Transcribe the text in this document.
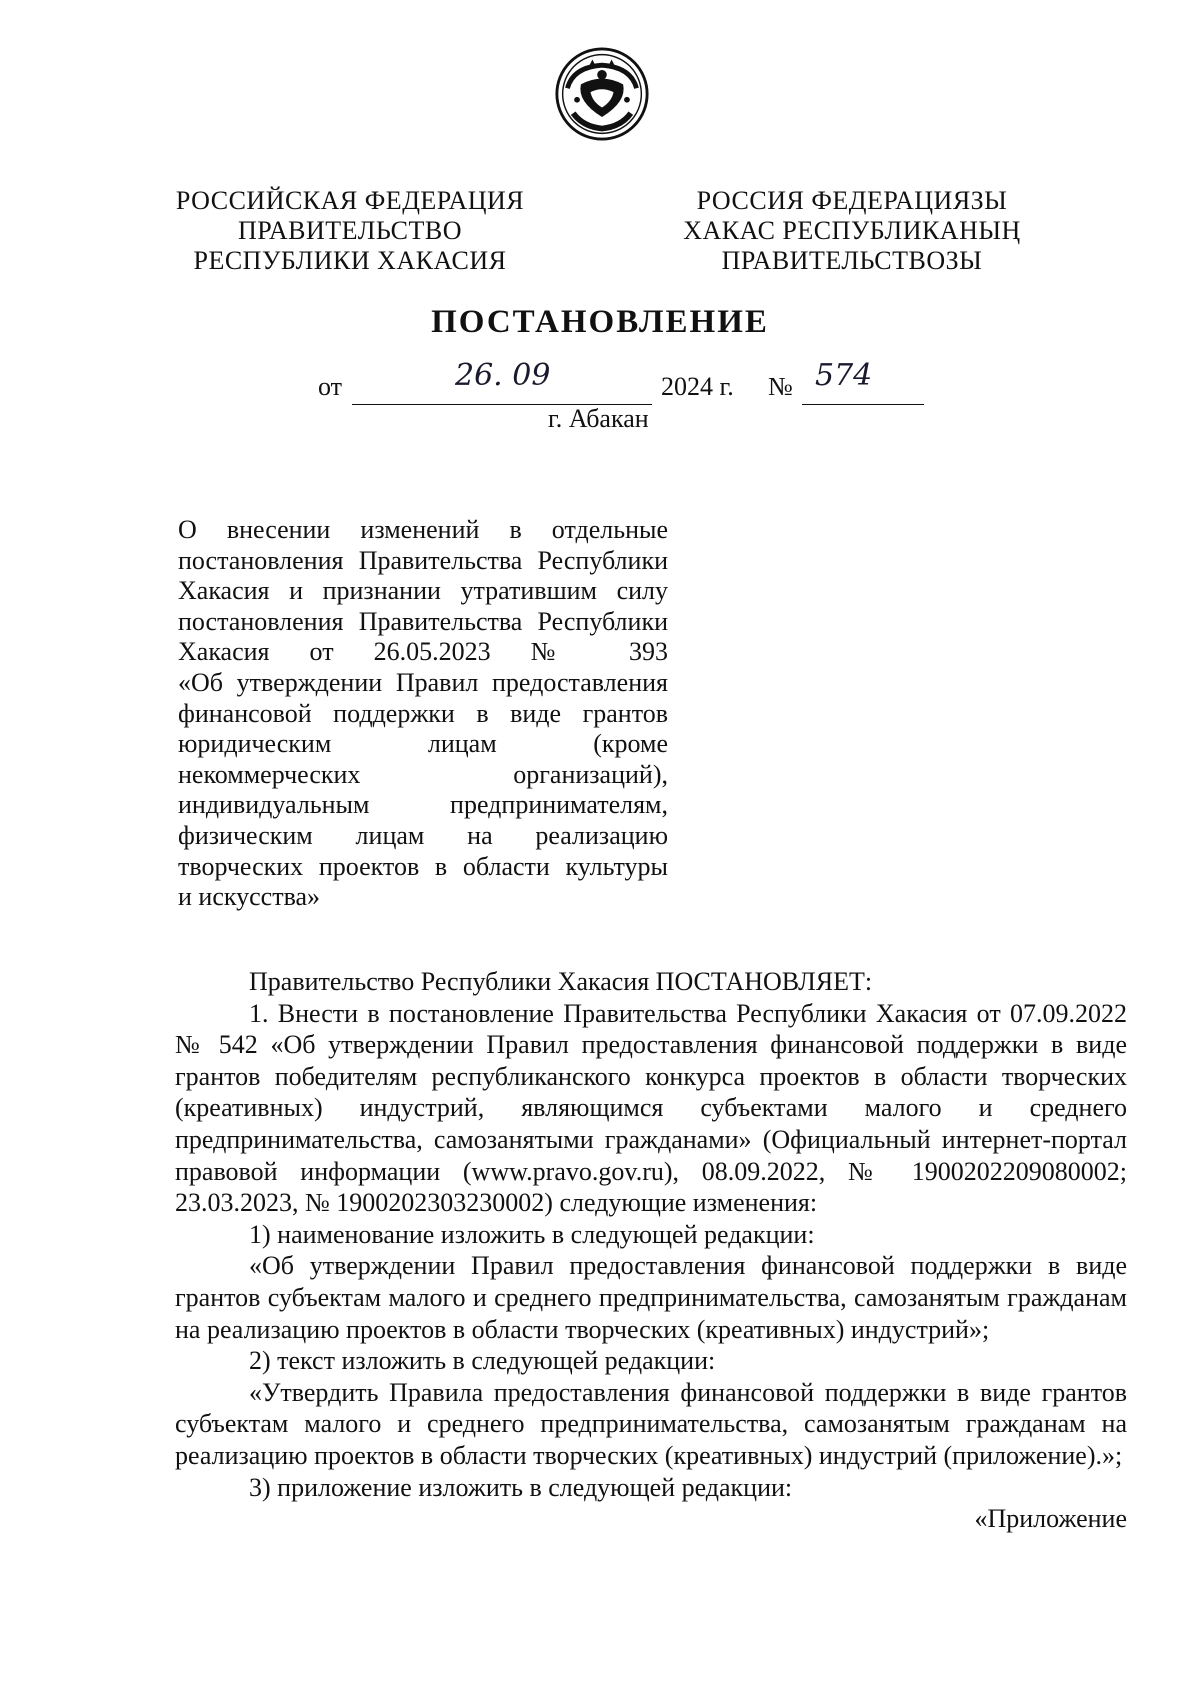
РОССИЙСКАЯ ФЕДЕРАЦИЯ
ПРАВИТЕЛЬСТВО
РЕСПУБЛИКИ ХАКАСИЯ
РОССИЯ ФЕДЕРАЦИЯЗЫ
ХАКАС РЕСПУБЛИКАНЫҢ
ПРАВИТЕЛЬСТВОЗЫ
ПОСТАНОВЛЕНИЕ
от	26. 09	2024 г. № 574
г. Абакан
О внесении изменений в отдельные
постановления Правительства Республики
Хакасия и признании утратившим силу
постановления Правительства Республики
Хакасия от 26.05.2023 № 393
«Об утверждении Правил предоставления
финансовой поддержки в виде грантов
юридическим лицам (кроме
некоммерческих организаций),
индивидуальным предпринимателям,
физическим лицам на реализацию
творческих проектов в области культуры
и искусства»

Правительство Республики Хакасия ПОСТАНОВЛЯЕТ:

1. Внести в постановление Правительства Республики Хакасия от 07.09.2022 № 542 «Об утверждении Правил предоставления финансовой поддержки в виде грантов победителям республиканского конкурса проектов в области творческих (креативных) индустрий, являющимся субъектами малого и среднего предпринимательства, самозанятыми гражданами» (Официальный интернет-портал правовой информации (www.pravo.gov.ru), 08.09.2022, № 1900202209080002; 23.03.2023, № 1900202303230002) следующие изменения:

1) наименование изложить в следующей редакции:

«Об утверждении Правил предоставления финансовой поддержки в виде грантов субъектам малого и среднего предпринимательства, самозанятым гражданам на реализацию проектов в области творческих (креативных) индустрий»;

2) текст изложить в следующей редакции:

«Утвердить Правила предоставления финансовой поддержки в виде грантов субъектам малого и среднего предпринимательства, самозанятым гражданам на реализацию проектов в области творческих (креативных) индустрий (приложение).»;

3) приложение изложить в следующей редакции:

«Приложение
